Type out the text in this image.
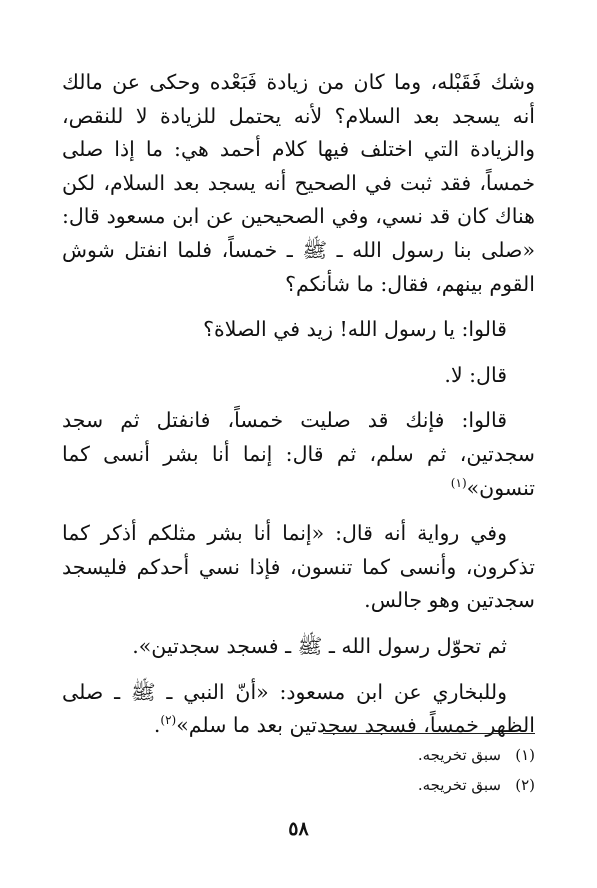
وشك فَقَبْله، وما كان من زيادة فَبَعْده وحكى عن مالك أنه يسجد بعد السلام؟ لأنه يحتمل للزيادة لا للنقص، والزيادة التي اختلف فيها كلام أحمد هي: ما إذا صلى خمساً، فقد ثبت في الصحيح أنه يسجد بعد السلام، لكن هناك كان قد نسي، وفي الصحيحين عن ابن مسعود قال: «صلى بنا رسول الله ـ ﷺ ـ خمساً، فلما انفتل شوش القوم بينهم، فقال: ما شأنكم؟

قالوا: يا رسول الله! زيد في الصلاة؟

قال: لا.

قالوا: فإنك قد صليت خمساً، فانفتل ثم سجد سجدتين، ثم سلم، ثم قال: إنما أنا بشر أنسى كما تنسون»$^{(١)}$

وفي رواية أنه قال: «إنما أنا بشر مثلكم أذكر كما تذكرون، وأنسى كما تنسون، فإذا نسي أحدكم فليسجد سجدتين وهو جالس.

ثم تحوّل رسول الله ـ ﷺ ـ فسجد سجدتين».

وللبخاري عن ابن مسعود: «أنّ النبي ـ ﷺ ـ صلى الظهر خمساً، فسجد سجدتين بعد ما سلم»$^{(٢)}$.

(١)سبق تخريجه.
(٢)سبق تخريجه.
٥٨
